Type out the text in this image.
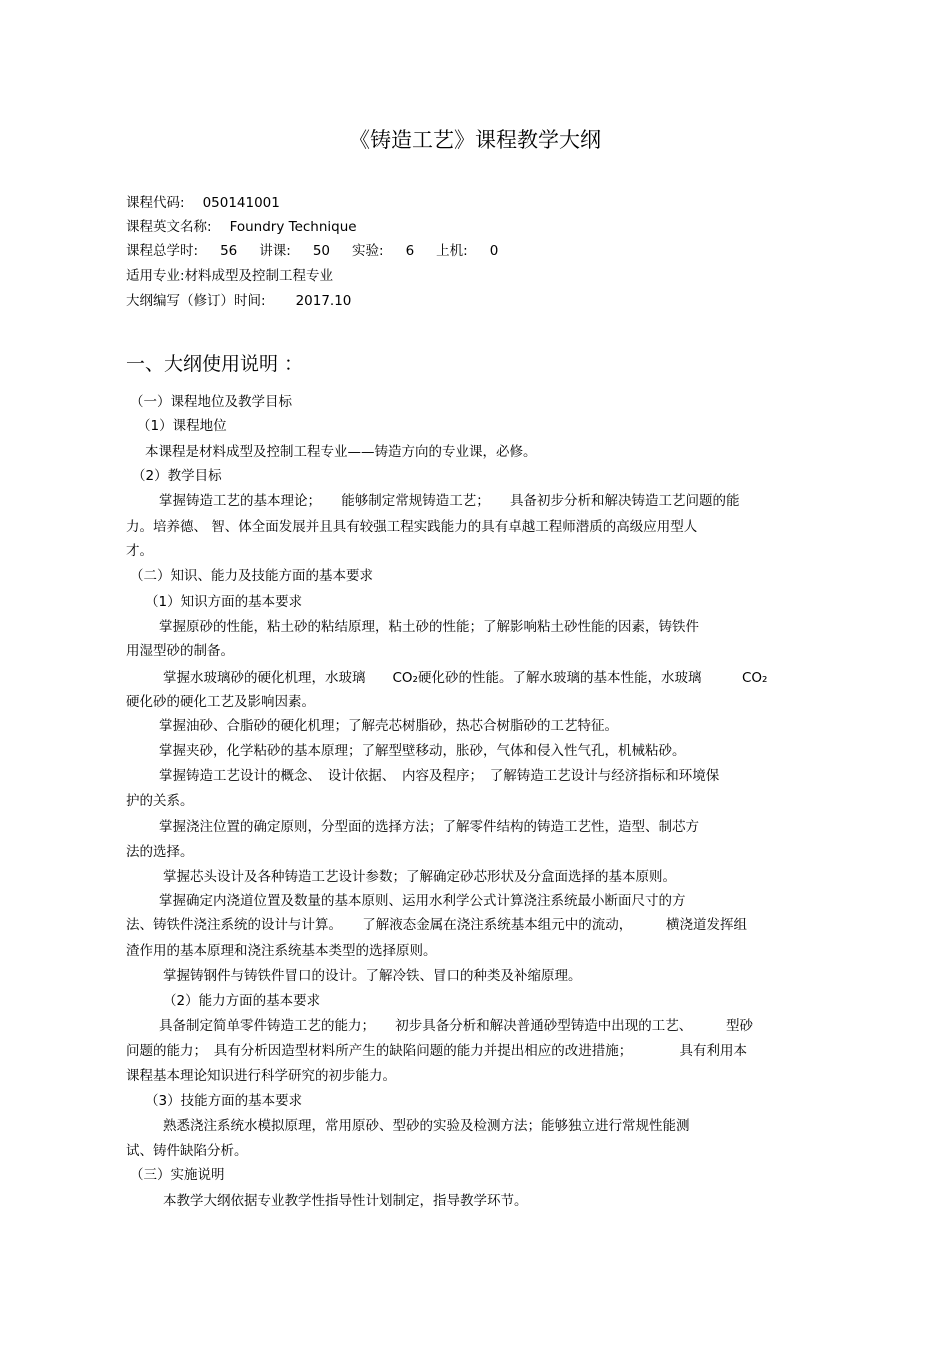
《铸造工艺》课程教学大纲
课程代码: 050141001
课程英文名称: Foundry Technique
课程总学时: 56 讲课: 50 实验: 6 上机: 0
适用专业:材料成型及控制工程专业
大纲编写（修订）时间: 2017.10
一、大纲使用说明 ：
（一）课程地位及教学目标
（1）课程地位
本课程是材料成型及控制工程专业——铸造方向的专业课，必修。
（2）教学目标
掌握铸造工艺的基本理论；　　能够制定常规铸造工艺；　　具备初步分析和解决铸造工艺问题的能
力。培养德、 智、体全面发展并且具有较强工程实践能力的具有卓越工程师潜质的高级应用型人
才。
（二）知识、能力及技能方面的基本要求
（1）知识方面的基本要求
掌握原砂的性能，粘土砂的粘结原理，粘土砂的性能；了解影响粘土砂性能的因素，铸铁件
用湿型砂的制备。
掌握水玻璃砂的硬化机理，水玻璃　　CO₂硬化砂的性能。了解水玻璃的基本性能，水玻璃　　　CO₂
硬化砂的硬化工艺及影响因素。
掌握油砂、合脂砂的硬化机理；了解壳芯树脂砂，热芯合树脂砂的工艺特征。
掌握夹砂，化学粘砂的基本原理；了解型壁移动，胀砂，气体和侵入性气孔，机械粘砂。
掌握铸造工艺设计的概念、　设计依据、　内容及程序；　了解铸造工艺设计与经济指标和环境保
护的关系。
掌握浇注位置的确定原则，分型面的选择方法；了解零件结构的铸造工艺性，造型、制芯方
法的选择。
掌握芯头设计及各种铸造工艺设计参数；了解确定砂芯形状及分盒面选择的基本原则。
掌握确定内浇道位置及数量的基本原则、运用水利学公式计算浇注系统最小断面尺寸的方
法、铸铁件浇注系统的设计与计算。　　了解液态金属在浇注系统基本组元中的流动，　　　横浇道发挥组
渣作用的基本原理和浇注系统基本类型的选择原则。
掌握铸钢件与铸铁件冒口的设计。了解冷铁、冒口的种类及补缩原理。
（2）能力方面的基本要求
具备制定简单零件铸造工艺的能力；　　初步具备分析和解决普通砂型铸造中出现的工艺、　　　型砂
问题的能力；　具有分析因造型材料所产生的缺陷问题的能力并提出相应的改进措施；　　　　具有利用本
课程基本理论知识进行科学研究的初步能力。
（3）技能方面的基本要求
熟悉浇注系统水模拟原理，常用原砂、型砂的实验及检测方法；能够独立进行常规性能测
试、铸件缺陷分析。
（三）实施说明
本教学大纲依据专业教学性指导性计划制定，指导教学环节。
